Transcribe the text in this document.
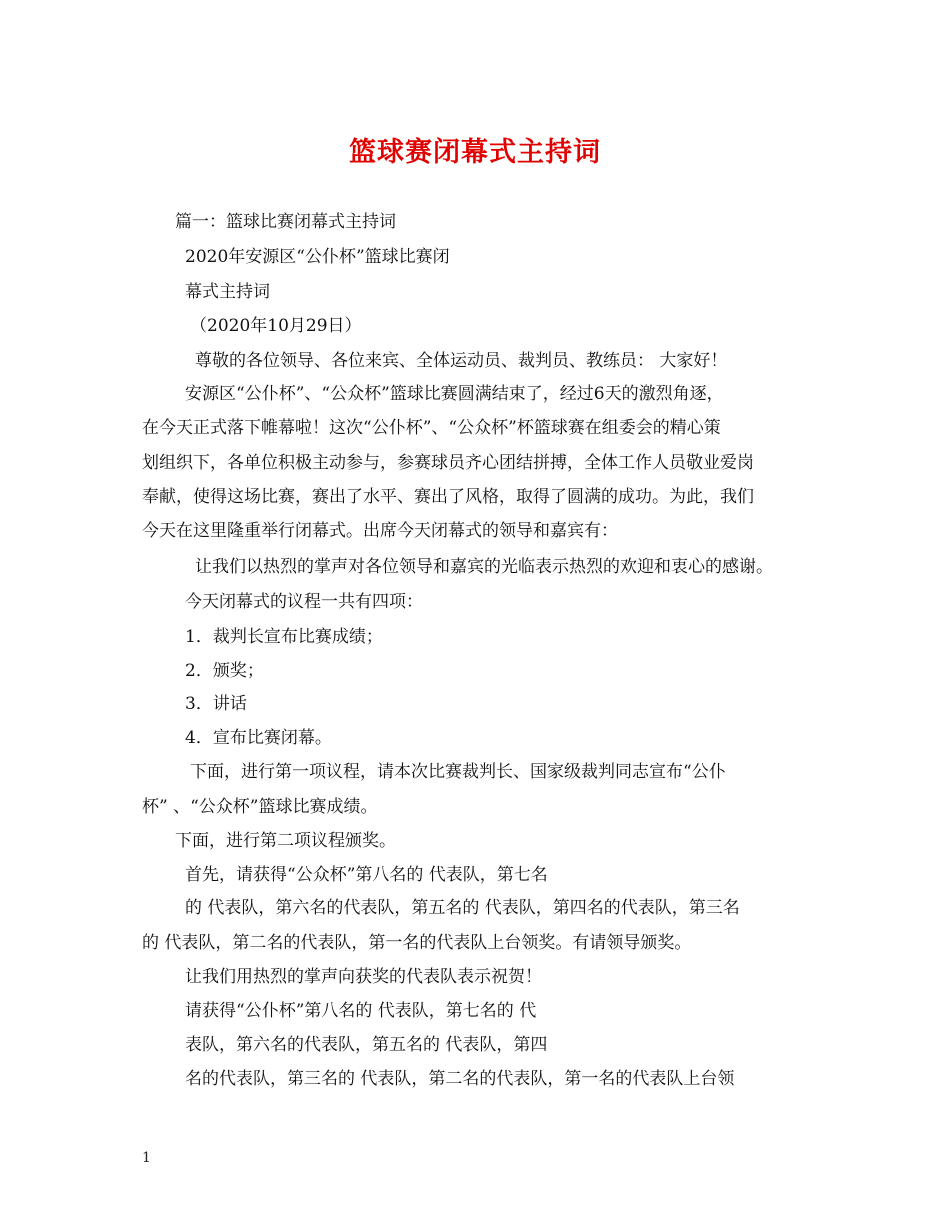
篮球赛闭幕式主持词
篇一：篮球比赛闭幕式主持词
2020年安源区“公仆杯”篮球比赛闭
幕式主持词
（2020年10月29日）
尊敬的各位领导、各位来宾、全体运动员、裁判员、教练员： 大家好！
安源区“公仆杯”、“公众杯”篮球比赛圆满结束了，经过6天的激烈角逐，
在今天正式落下帷幕啦！这次“公仆杯”、“公众杯”杯篮球赛在组委会的精心策
划组织下，各单位积极主动参与，参赛球员齐心团结拼搏，全体工作人员敬业爱岗
奉献，使得这场比赛，赛出了水平、赛出了风格，取得了圆满的成功。为此，我们
今天在这里隆重举行闭幕式。出席今天闭幕式的领导和嘉宾有：
让我们以热烈的掌声对各位领导和嘉宾的光临表示热烈的欢迎和衷心的感谢。
今天闭幕式的议程一共有四项：
1．裁判长宣布比赛成绩；
2．颁奖；
3．讲话
4．宣布比赛闭幕。
下面，进行第一项议程，请本次比赛裁判长、国家级裁判同志宣布“公仆
杯” 、“公众杯”篮球比赛成绩。
下面，进行第二项议程颁奖。
首先，请获得“公众杯”第八名的 代表队，第七名
的 代表队，第六名的代表队，第五名的 代表队，第四名的代表队，第三名
的 代表队，第二名的代表队，第一名的代表队上台领奖。有请领导颁奖。
让我们用热烈的掌声向获奖的代表队表示祝贺！
请获得“公仆杯”第八名的 代表队，第七名的 代
表队，第六名的代表队，第五名的 代表队，第四
名的代表队，第三名的 代表队，第二名的代表队，第一名的代表队上台领
1
